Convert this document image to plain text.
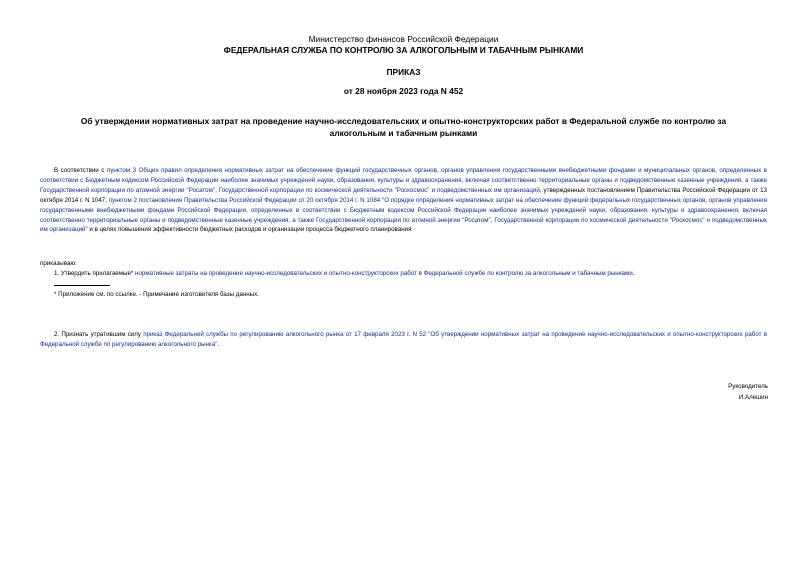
Министерство финансов Российской Федерации
ФЕДЕРАЛЬНАЯ СЛУЖБА ПО КОНТРОЛЮ ЗА АЛКОГОЛЬНЫМ И ТАБАЧНЫМ РЫНКАМИ
ПРИКАЗ
от 28 ноября 2023 года N 452
Об утверждении нормативных затрат на проведение научно-исследовательских и опытно-конструкторских работ в Федеральной службе по контролю за алкогольным и табачным рынками
В соответствии с пунктом 3 Общих правил определения нормативных затрат на обеспечение функций государственных органов, органов управления государственными внебюджетными фондами и муниципальных органов, определенных в соответствии с Бюджетным кодексом Российской Федерации наиболее значимых учреждений науки, образования, культуры и здравоохранения, включая соответственно территориальные органы и подведомственные казенные учреждения, а также Государственной корпорации по атомной энергии "Росатом", Государственной корпорации по космической деятельности "Роскосмос" и подведомственных им организаций, утвержденных постановлением Правительства Российской Федерации от 13 октября 2014 г. N 1047, пунктом 2 постановления Правительства Российской Федерации от 20 октября 2014 г. N 1084 "О порядке определения нормативных затрат на обеспечение функций федеральных государственных органов, органов управления государственными внебюджетными фондами Российской Федерации, определенных в соответствии с Бюджетным кодексом Российской Федерации наиболее значимых учреждений науки, образования, культуры и здравоохранения, включая соответственно территориальные органы и подведомственные казенные учреждения, а также Государственной корпорации по атомной энергии "Росатом", Государственной корпорации по космической деятельности "Роскосмос" и подведомственных им организаций" и в целях повышения эффективности бюджетных расходов и организации процесса бюджетного планирования
приказываю:
1. Утвердить прилагаемые* нормативные затраты на проведение научно-исследовательских и опытно-конструкторских работ в Федеральной службе по контролю за алкогольным и табачным рынками.
* Приложение см. по ссылке. - Примечание изготовителя базы данных.
2. Признать утратившим силу приказ Федеральной службы по регулированию алкогольного рынка от 17 февраля 2023 г. N 52 "Об утверждении нормативных затрат на проведение научно-исследовательских и опытно-конструкторских работ в Федеральной службе по регулированию алкогольного рынка".
Руководитель
И.Алешин
